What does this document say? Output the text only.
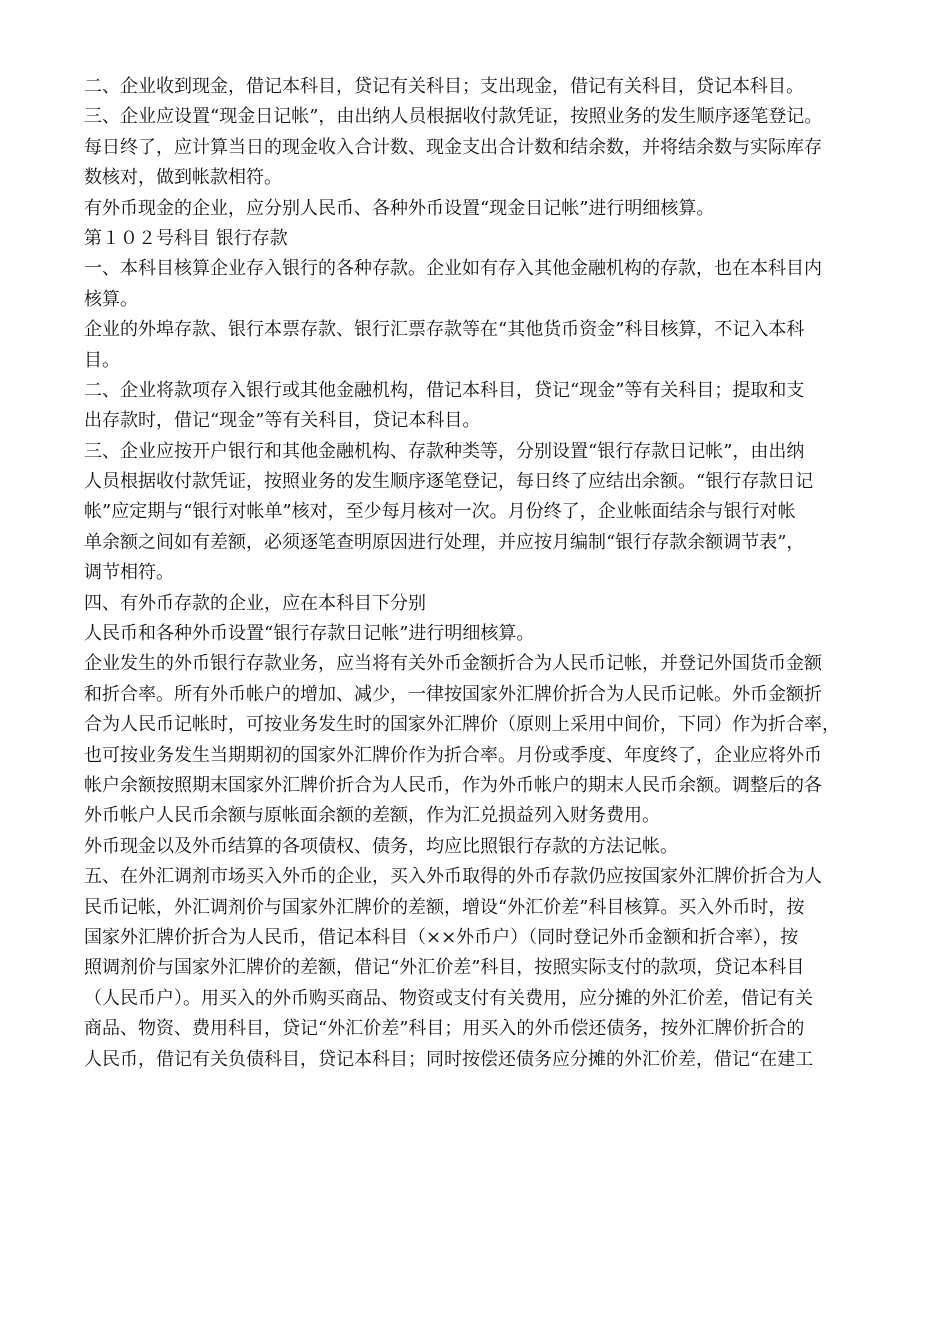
二、企业收到现金，借记本科目，贷记有关科目；支出现金，借记有关科目，贷记本科目。
三、企业应设置“现金日记帐”，由出纳人员根据收付款凭证，按照业务的发生顺序逐笔登记。
每日终了，应计算当日的现金收入合计数、现金支出合计数和结余数，并将结余数与实际库存
数核对，做到帐款相符。
有外币现金的企业，应分别人民币、各种外币设置“现金日记帐”进行明细核算。
第１０２号科目 银行存款
一、本科目核算企业存入银行的各种存款。企业如有存入其他金融机构的存款，也在本科目内
核算。
企业的外埠存款、银行本票存款、银行汇票存款等在“其他货币资金”科目核算，不记入本科
目。
二、企业将款项存入银行或其他金融机构，借记本科目，贷记“现金”等有关科目；提取和支
出存款时，借记“现金”等有关科目，贷记本科目。
三、企业应按开户银行和其他金融机构、存款种类等，分别设置“银行存款日记帐”，由出纳
人员根据收付款凭证，按照业务的发生顺序逐笔登记，每日终了应结出余额。“银行存款日记
帐”应定期与“银行对帐单”核对，至少每月核对一次。月份终了，企业帐面结余与银行对帐
单余额之间如有差额，必须逐笔查明原因进行处理，并应按月编制“银行存款余额调节表”，
调节相符。
四、有外币存款的企业，应在本科目下分别
人民币和各种外币设置“银行存款日记帐”进行明细核算。
企业发生的外币银行存款业务，应当将有关外币金额折合为人民币记帐，并登记外国货币金额
和折合率。所有外币帐户的增加、减少，一律按国家外汇牌价折合为人民币记帐。外币金额折
合为人民币记帐时，可按业务发生时的国家外汇牌价（原则上采用中间价，下同）作为折合率，
也可按业务发生当期期初的国家外汇牌价作为折合率。月份或季度、年度终了，企业应将外币
帐户余额按照期末国家外汇牌价折合为人民币，作为外币帐户的期末人民币余额。调整后的各
外币帐户人民币余额与原帐面余额的差额，作为汇兑损益列入财务费用。
外币现金以及外币结算的各项债权、债务，均应比照银行存款的方法记帐。
五、在外汇调剂市场买入外币的企业，买入外币取得的外币存款仍应按国家外汇牌价折合为人
民币记帐，外汇调剂价与国家外汇牌价的差额，增设“外汇价差”科目核算。买入外币时，按
国家外汇牌价折合为人民币，借记本科目（××外币户）（同时登记外币金额和折合率），按
照调剂价与国家外汇牌价的差额，借记“外汇价差”科目，按照实际支付的款项，贷记本科目
（人民币户）。用买入的外币购买商品、物资或支付有关费用，应分摊的外汇价差，借记有关
商品、物资、费用科目，贷记“外汇价差”科目；用买入的外币偿还债务，按外汇牌价折合的
人民币，借记有关负债科目，贷记本科目；同时按偿还债务应分摊的外汇价差，借记“在建工
